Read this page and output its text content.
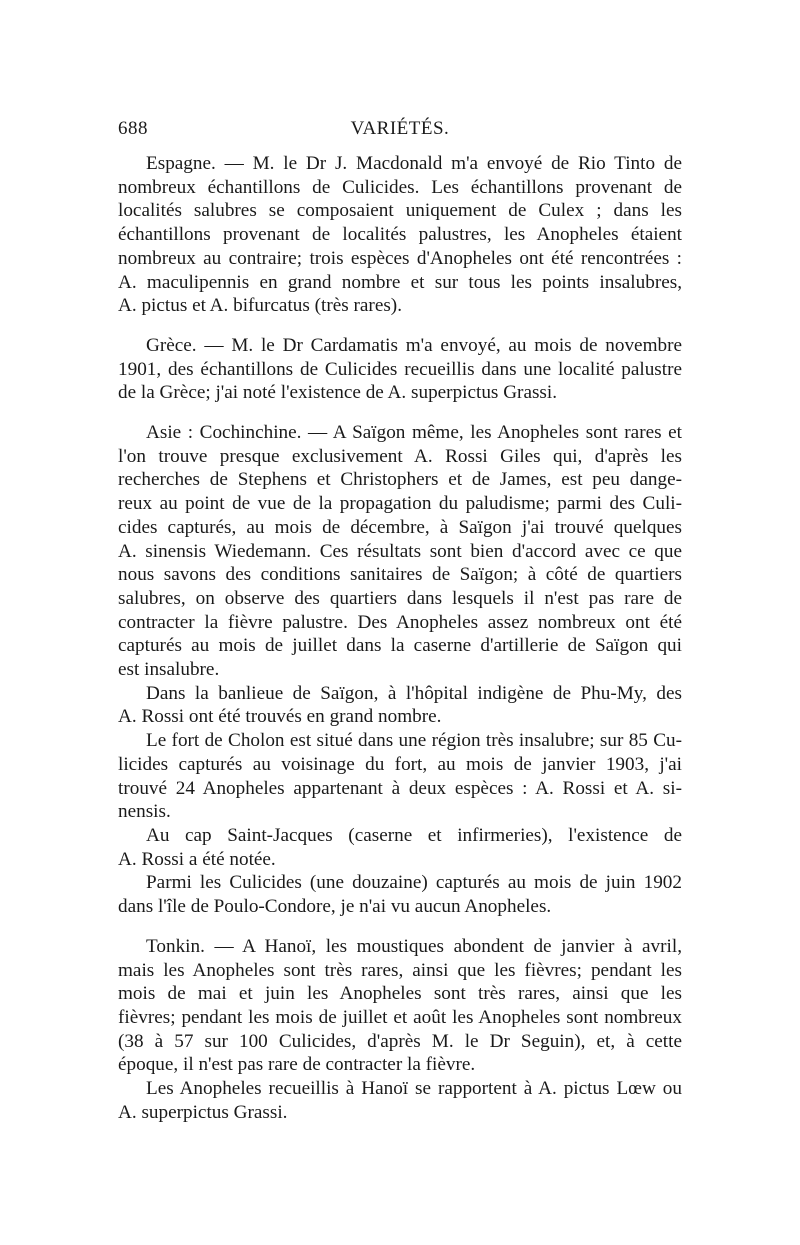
688	VARIÉTÉS.
Espagne. — M. le Dr J. Macdonald m'a envoyé de Rio Tinto de
nombreux échantillons de Culicides. Les échantillons provenant de
localités salubres se composaient uniquement de Culex ; dans les
échantillons provenant de localités palustres, les Anopheles étaient
nombreux au contraire; trois espèces d'Anopheles ont été rencontrées :
A. maculipennis en grand nombre et sur tous les points insalubres,
A. pictus et A. bifurcatus (très rares).
Grèce. — M. le Dr Cardamatis m'a envoyé, au mois de novembre
1901, des échantillons de Culicides recueillis dans une localité palustre
de la Grèce; j'ai noté l'existence de A. superpictus Grassi.
Asie : Cochinchine. — A Saïgon même, les Anopheles sont rares et
l'on trouve presque exclusivement A. Rossi Giles qui, d'après les
recherches de Stephens et Christophers et de James, est peu dange-
reux au point de vue de la propagation du paludisme; parmi des Culi-
cides capturés, au mois de décembre, à Saïgon j'ai trouvé quelques
A. sinensis Wiedemann. Ces résultats sont bien d'accord avec ce que
nous savons des conditions sanitaires de Saïgon; à côté de quartiers
salubres, on observe des quartiers dans lesquels il n'est pas rare de
contracter la fièvre palustre. Des Anopheles assez nombreux ont été
capturés au mois de juillet dans la caserne d'artillerie de Saïgon qui
est insalubre.
Dans la banlieue de Saïgon, à l'hôpital indigène de Phu-My, des
A. Rossi ont été trouvés en grand nombre.
Le fort de Cholon est situé dans une région très insalubre; sur 85 Cu-
licides capturés au voisinage du fort, au mois de janvier 1903, j'ai
trouvé 24 Anopheles appartenant à deux espèces : A. Rossi et A. si-
nensis.
Au cap Saint-Jacques (caserne et infirmeries), l'existence de
A. Rossi a été notée.
Parmi les Culicides (une douzaine) capturés au mois de juin 1902
dans l'île de Poulo-Condore, je n'ai vu aucun Anopheles.
Tonkin. — A Hanoï, les moustiques abondent de janvier à avril,
mais les Anopheles sont très rares, ainsi que les fièvres; pendant les
mois de mai et juin les Anopheles sont très rares, ainsi que les
fièvres; pendant les mois de juillet et août les Anopheles sont nombreux
(38 à 57 sur 100 Culicides, d'après M. le Dr Seguin), et, à cette
époque, il n'est pas rare de contracter la fièvre.
Les Anopheles recueillis à Hanoï se rapportent à A. pictus Lœw ou
A. superpictus Grassi.
